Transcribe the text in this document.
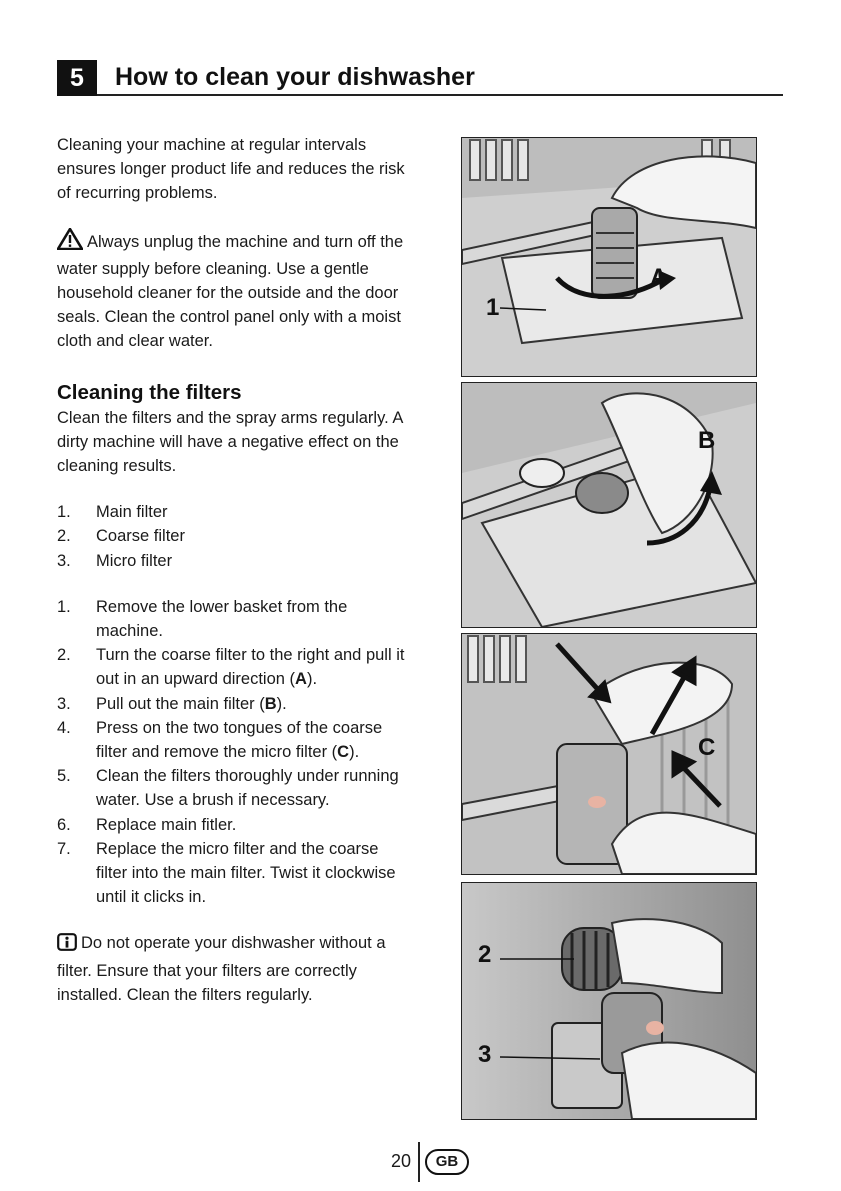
5	How to clean your dishwasher

Cleaning your machine at regular intervals ensures longer product life and reduces the risk of recurring problems.

Always unplug the machine and turn off the water supply before cleaning. Use a gentle household cleaner for the outside and the door seals. Clean the control panel only with a moist cloth and clear water.

Cleaning the filters

Clean the filters and the spray arms regularly. A dirty machine will have a negative effect on the cleaning results.

1. Main filter
2. Coarse filter
3. Micro filter
1. Remove the lower basket from the machine.
2. Turn the coarse filter to the right and pull it out in an upward direction (A).
3. Pull out the main filter (B).
4. Press on the two tongues of the coarse filter and remove the micro filter (C).
5. Clean the filters thoroughly under running water. Use a brush if necessary.
6. Replace main fitler.
7. Replace the micro filter and the coarse filter into the main filter. Twist it clockwise until it clicks in.

Do not operate your dishwasher without a filter. Ensure that your filters are correctly installed. Clean the filters regularly.

A
1
B
C
2
3
20	GB
